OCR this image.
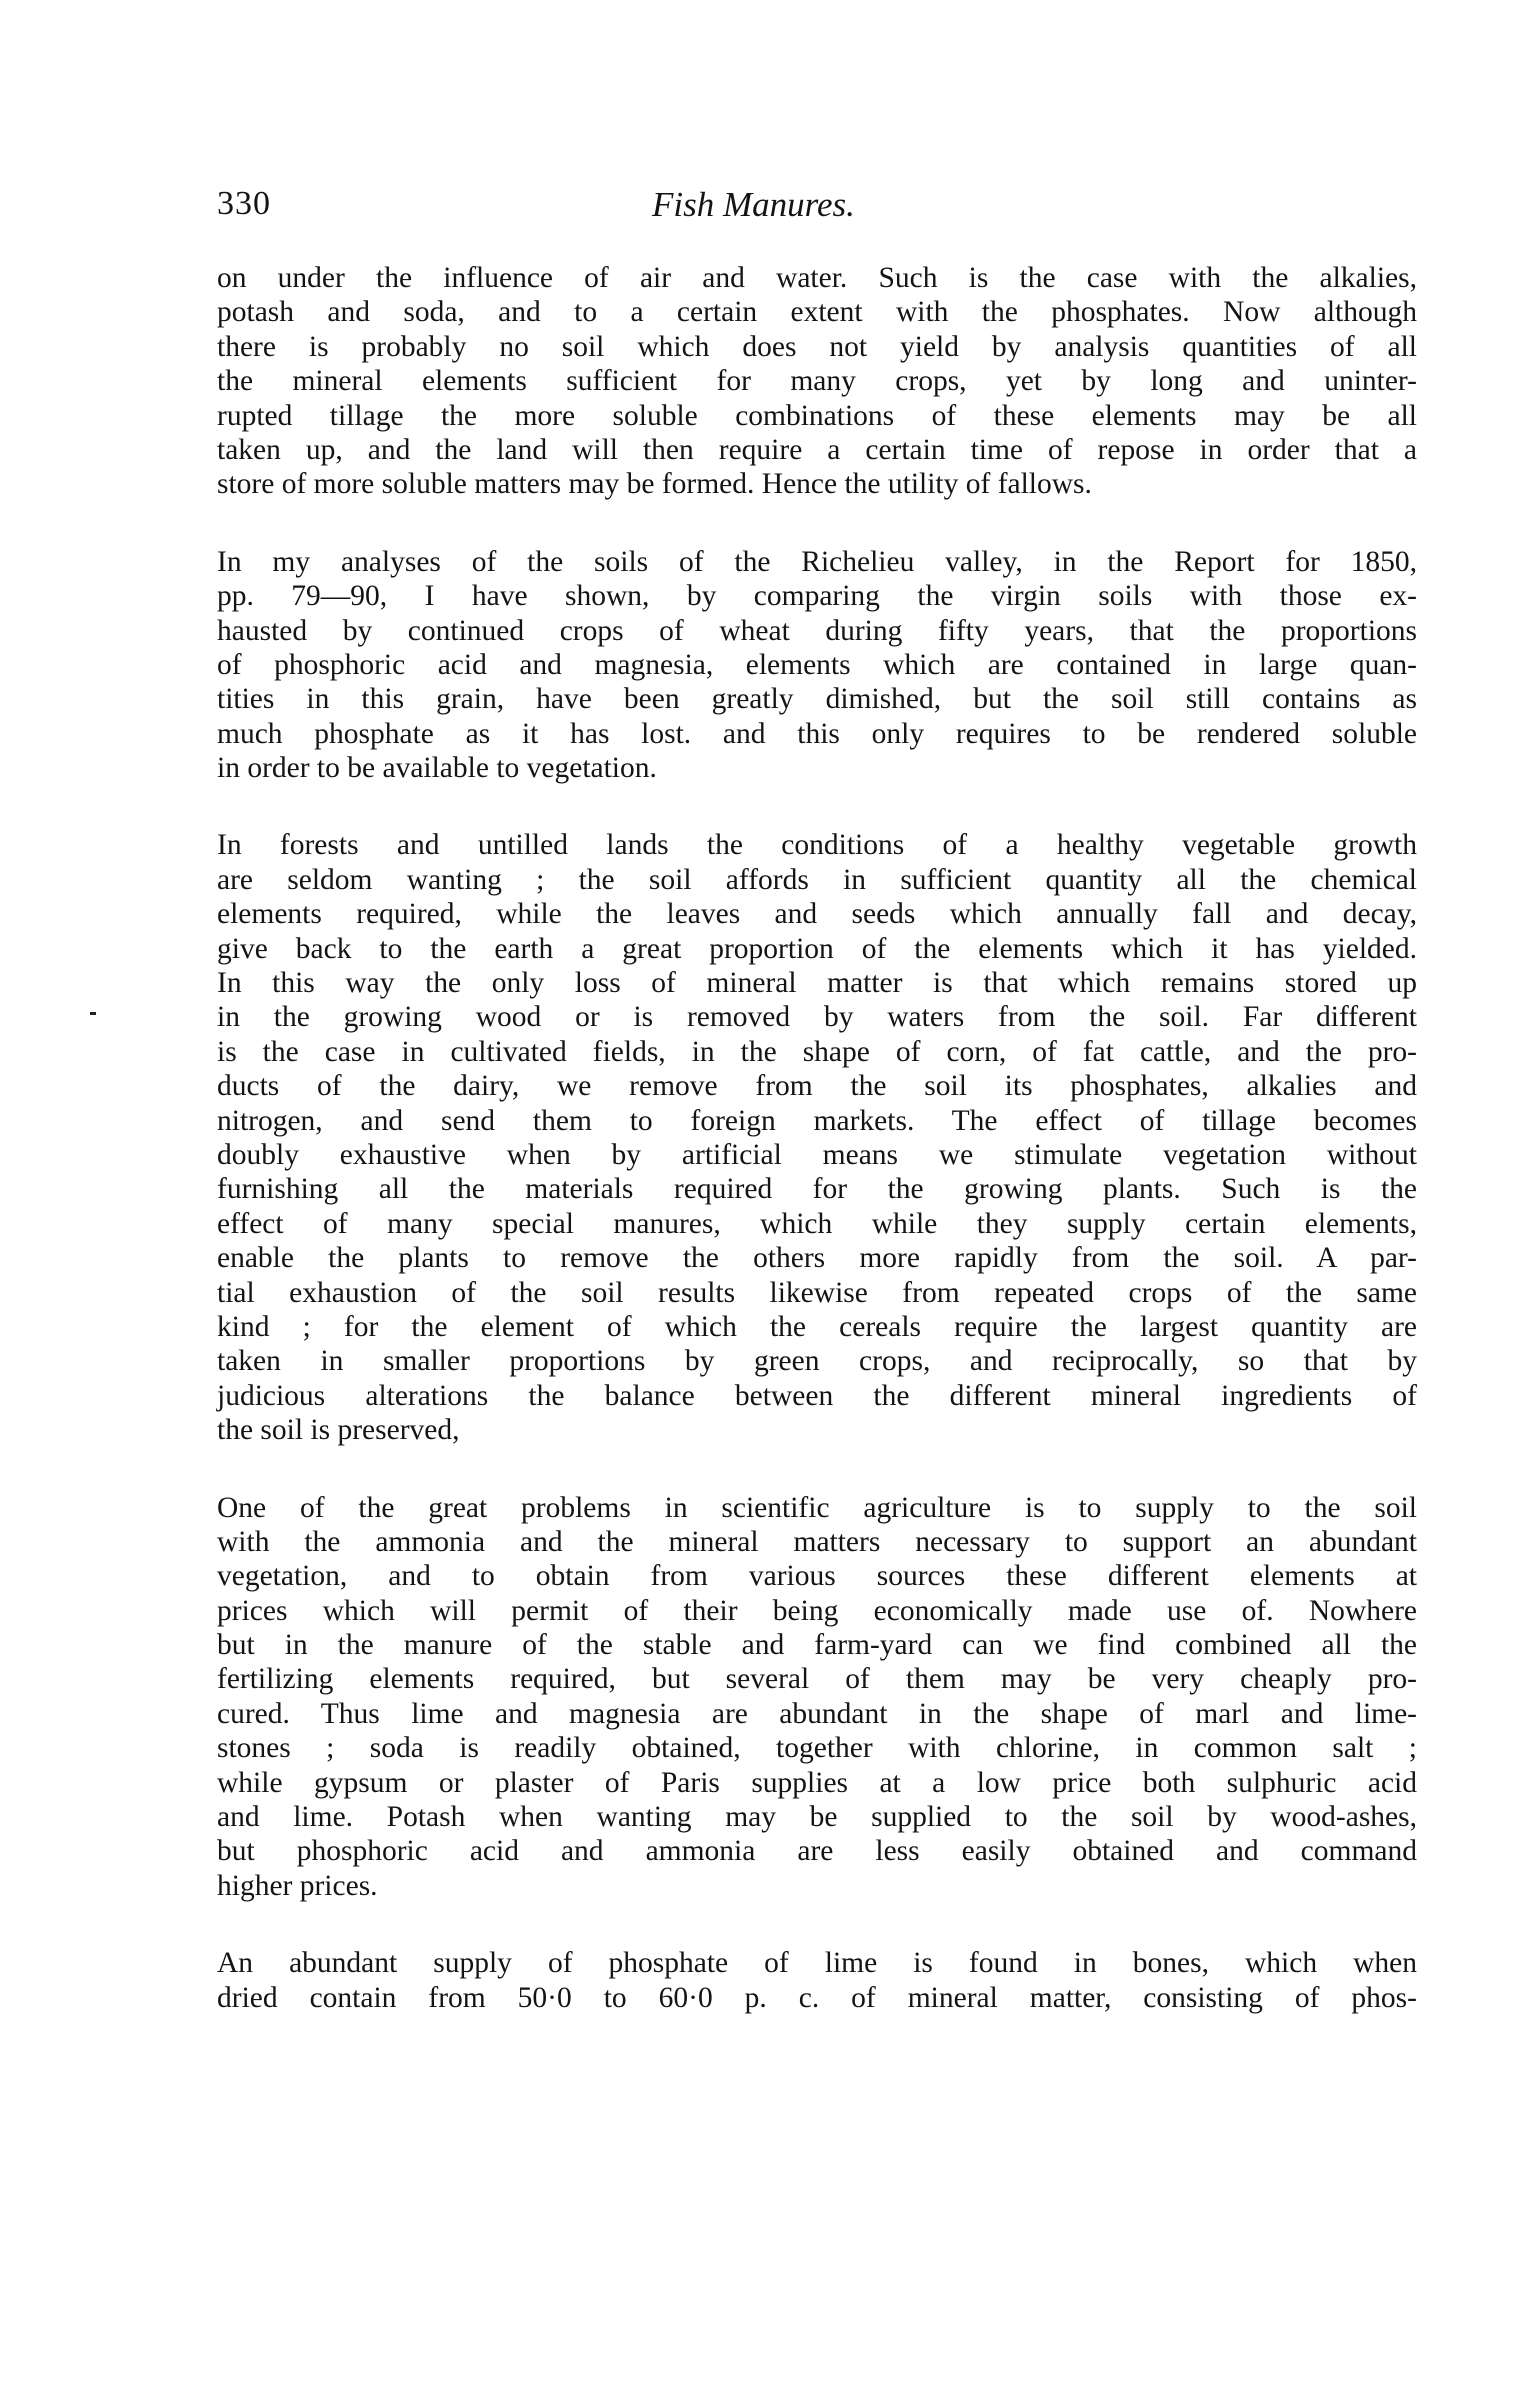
330	Fish Manures.
on under the influence of air and water. Such is the case with the alkalies,
potash and soda, and to a certain extent with the phosphates. Now although
there is probably no soil which does not yield by analysis quantities of all
the mineral elements sufficient for many crops, yet by long and uninter-
rupted tillage the more soluble combinations of these elements may be all
taken up, and the land will then require a certain time of repose in order that a
store of more soluble matters may be formed. Hence the utility of fallows.
In my analyses of the soils of the Richelieu valley, in the Report for 1850,
pp. 79—90, I have shown, by comparing the virgin soils with those ex-
hausted by continued crops of wheat during fifty years, that the proportions
of phosphoric acid and magnesia, elements which are contained in large quan-
tities in this grain, have been greatly dimished, but the soil still contains as
much phosphate as it has lost. and this only requires to be rendered soluble
in order to be available to vegetation.
In forests and untilled lands the conditions of a healthy vegetable growth
are seldom wanting ; the soil affords in sufficient quantity all the chemical
elements required, while the leaves and seeds which annually fall and decay,
give back to the earth a great proportion of the elements which it has yielded.
In this way the only loss of mineral matter is that which remains stored up
in the growing wood or is removed by waters from the soil. Far different
is the case in cultivated fields, in the shape of corn, of fat cattle, and the pro-
ducts of the dairy, we remove from the soil its phosphates, alkalies and
nitrogen, and send them to foreign markets. The effect of tillage becomes
doubly exhaustive when by artificial means we stimulate vegetation without
furnishing all the materials required for the growing plants. Such is the
effect of many special manures, which while they supply certain elements,
enable the plants to remove the others more rapidly from the soil. A par-
tial exhaustion of the soil results likewise from repeated crops of the same
kind ; for the element of which the cereals require the largest quantity are
taken in smaller proportions by green crops, and reciprocally, so that by
judicious alterations the balance between the different mineral ingredients of
the soil is preserved,
One of the great problems in scientific agriculture is to supply to the soil
with the ammonia and the mineral matters necessary to support an abundant
vegetation, and to obtain from various sources these different elements at
prices which will permit of their being economically made use of. Nowhere
but in the manure of the stable and farm-yard can we find combined all the
fertilizing elements required, but several of them may be very cheaply pro-
cured. Thus lime and magnesia are abundant in the shape of marl and lime-
stones ; soda is readily obtained, together with chlorine, in common salt ;
while gypsum or plaster of Paris supplies at a low price both sulphuric acid
and lime. Potash when wanting may be supplied to the soil by wood-ashes,
but phosphoric acid and ammonia are less easily obtained and command
higher prices.
An abundant supply of phosphate of lime is found in bones, which when
dried contain from 50·0 to 60·0 p. c. of mineral matter, consisting of phos-
